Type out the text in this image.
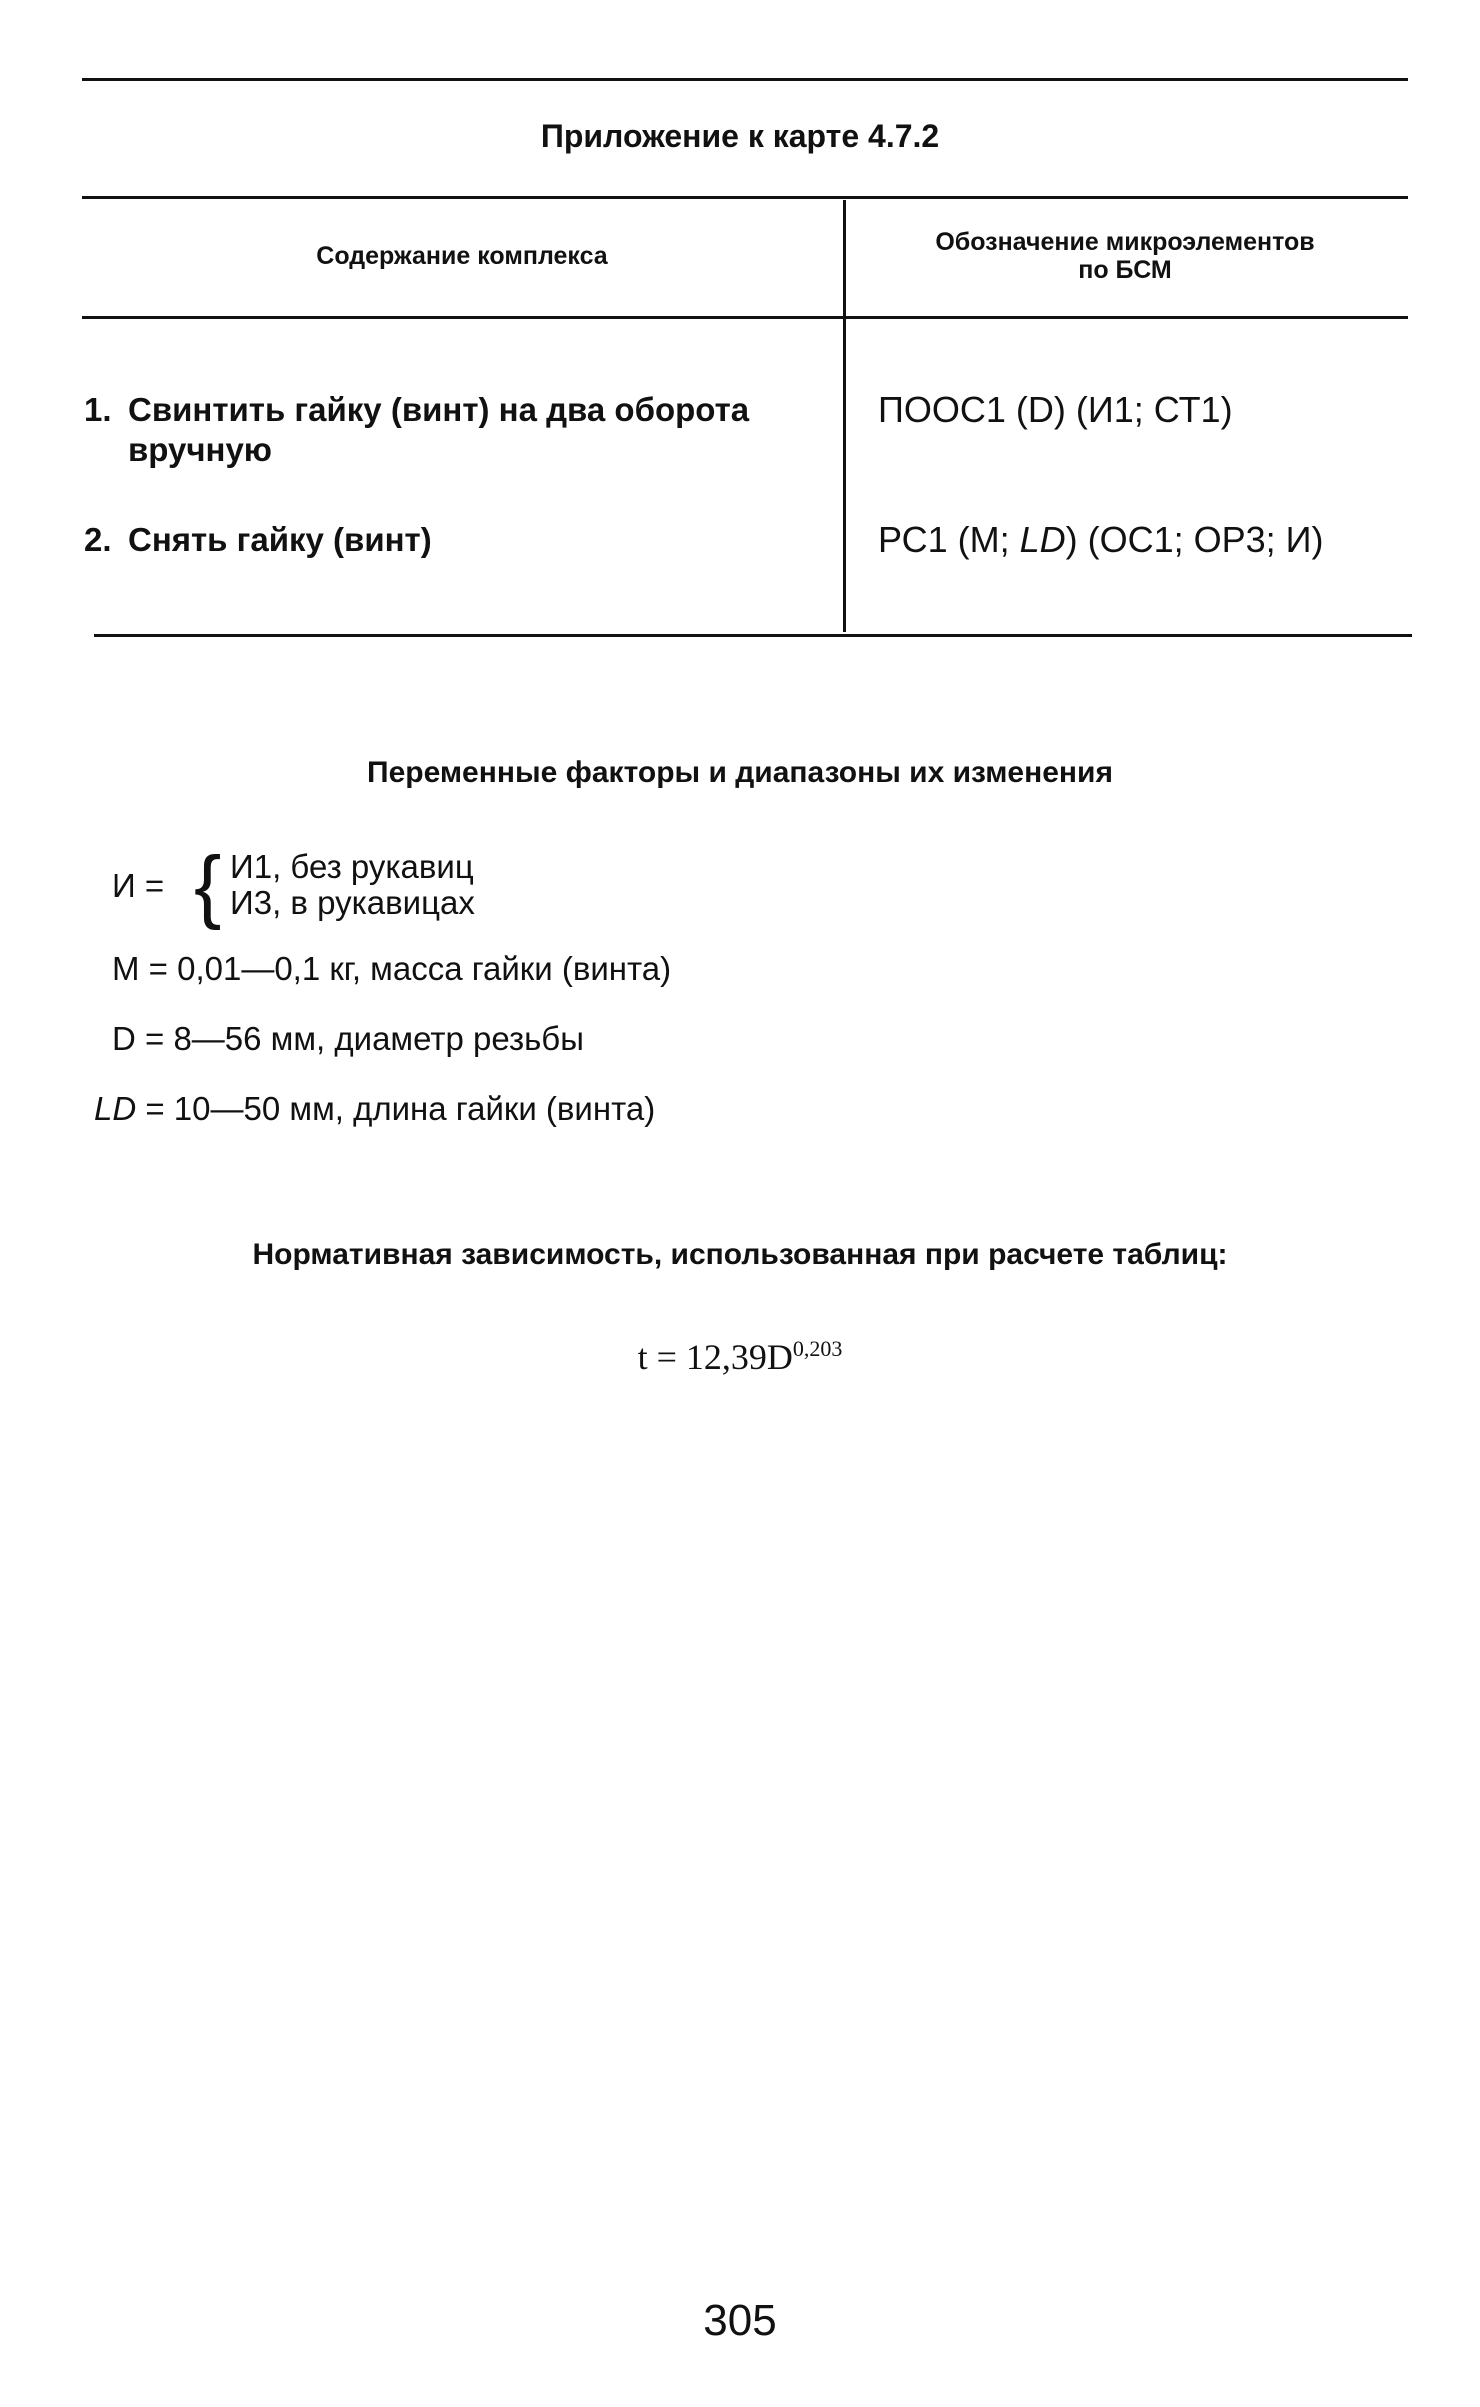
Приложение к карте 4.7.2
Содержание комплекса	Обозначение микроэлементов
по БСМ
1. Свинтить гайку (винт) на два оборота
вручную
ПООС1 (D) (И1; СТ1)
2. Снять гайку (винт)	РС1 (М; LD) (ОС1; ОР3; И)
Переменные факторы и диапазоны их изменения
И = { И1, без рукавиц
И3, в рукавицах
М = 0,01—0,1 кг, масса гайки (винта)
D = 8—56 мм, диаметр резьбы
LD = 10—50 мм, длина гайки (винта)
Нормативная зависимость, использованная при расчете таблиц:
$t = 12,39D^{0,203}$
305
